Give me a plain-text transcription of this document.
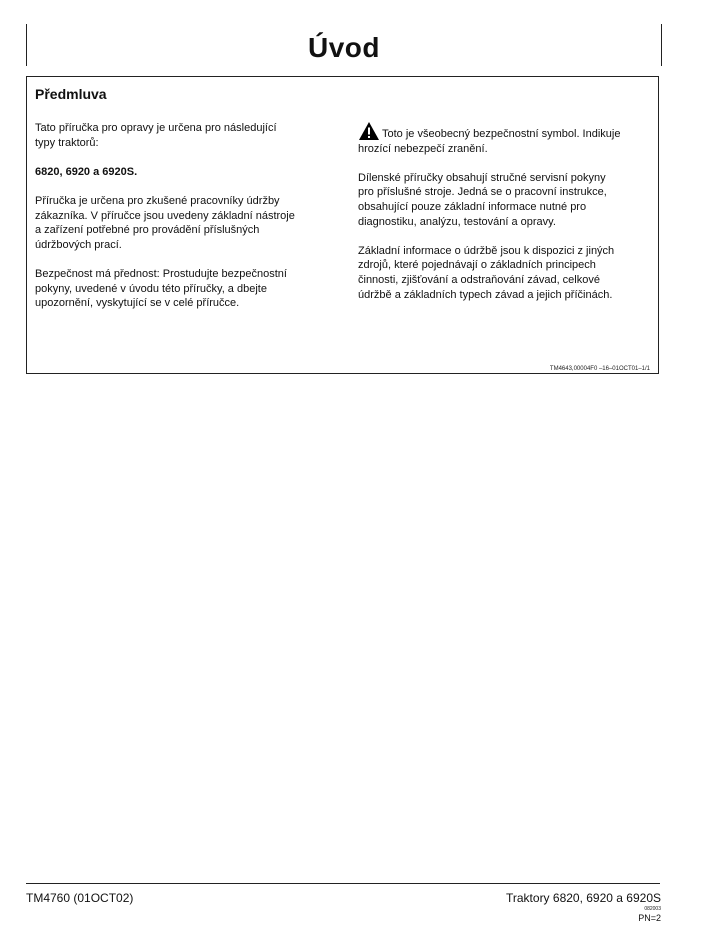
Úvod
Předmluva

Tato příručka pro opravy je určena pro následující
typy traktorů:

6820, 6920 a 6920S.

Příručka je určena pro zkušené pracovníky údržby
zákazníka. V příručce jsou uvedeny základní nástroje
a zařízení potřebné pro provádění příslušných
údržbových prací.

Bezpečnost má přednost: Prostudujte bezpečnostní
pokyny, uvedené v úvodu této příručky, a dbejte
upozornění, vyskytující se v celé příručce.

Toto je všeobecný bezpečnostní symbol. Indikuje
hrozící nebezpečí zranění.

Dílenské příručky obsahují stručné servisní pokyny
pro příslušné stroje. Jedná se o pracovní instrukce,
obsahující pouze základní informace nutné pro
diagnostiku, analýzu, testování a opravy.

Základní informace o údržbě jsou k dispozici z jiných
zdrojů, které pojednávají o základních principech
činnosti, zjišťování a odstraňování závad, celkové
údržbě a základních typech závad a jejich příčinách.

TM4643,00004F0 –16–01OCT01–1/1
TM4760 (01OCT02)	Traktory 6820, 6920 a 6920S
082003
PN=2
